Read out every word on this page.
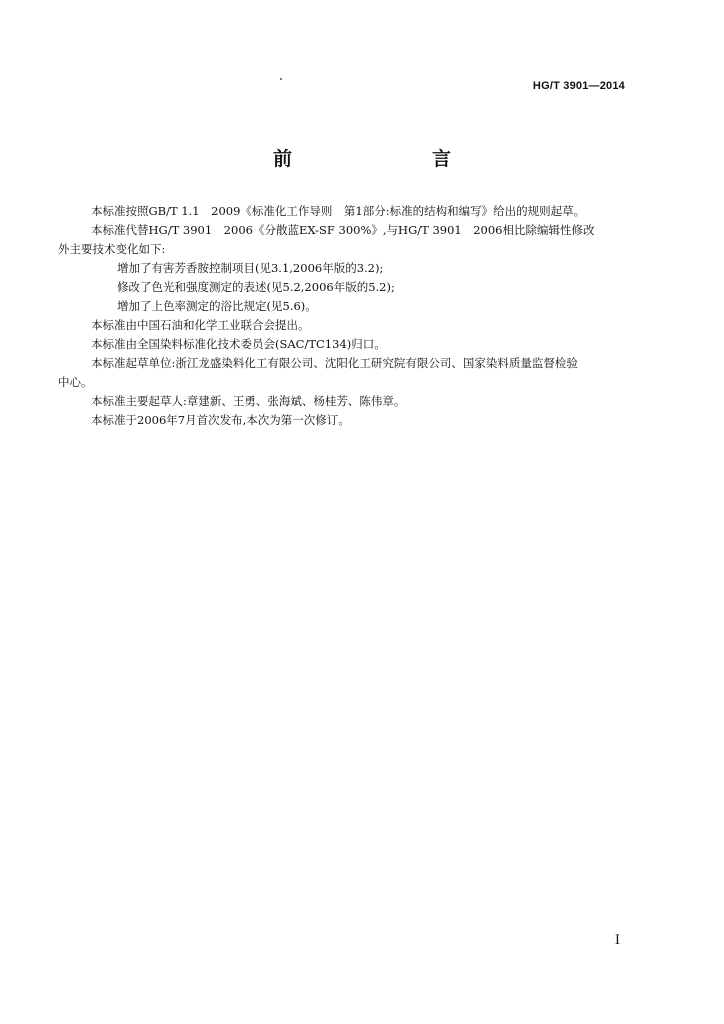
HG/T 3901—2014
前　　言

本标准按照GB/T 1.1　2009《标准化工作导则　第1部分:标准的结构和编写》给出的规则起草。

本标准代替HG/T 3901　2006《分散蓝EX-SF 300%》,与HG/T 3901　2006相比除编辑性修改

外主要技术变化如下:

增加了有害芳香胺控制项目(见3.1,2006年版的3.2);

修改了色光和强度测定的表述(见5.2,2006年版的5.2);

增加了上色率测定的浴比规定(见5.6)。

本标准由中国石油和化学工业联合会提出。

本标准由全国染料标准化技术委员会(SAC/TC134)归口。

本标准起草单位:浙江龙盛染料化工有限公司、沈阳化工研究院有限公司、国家染料质量监督检验

中心。

本标准主要起草人:章建新、王勇、张海斌、杨桂芳、陈伟章。

本标准于2006年7月首次发布,本次为第一次修订。

I
